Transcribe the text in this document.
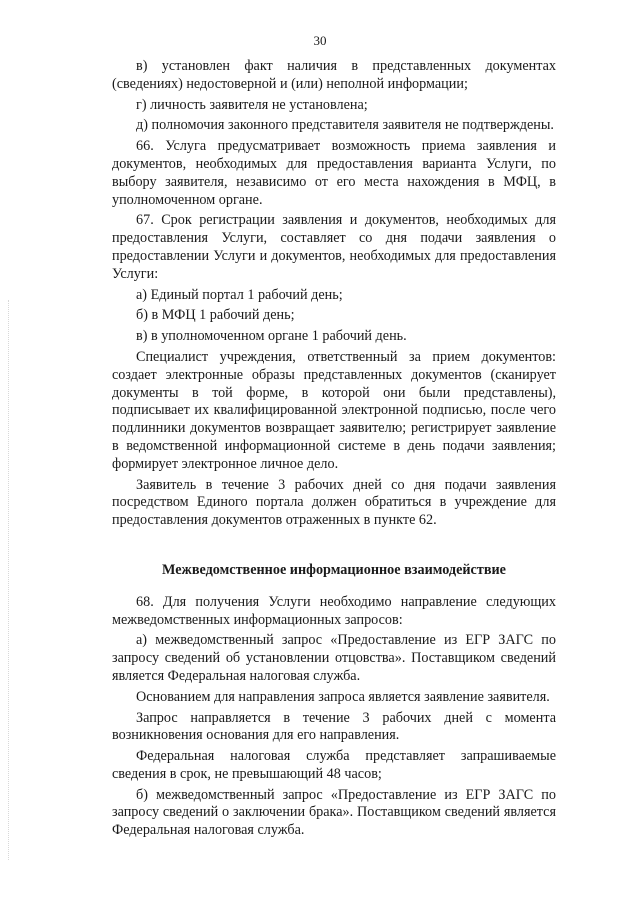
30

в) установлен факт наличия в представленных документах (сведениях) недостоверной и (или) неполной информации;

г) личность заявителя не установлена;

д) полномочия законного представителя заявителя не подтверждены.

66. Услуга предусматривает возможность приема заявления и документов, необходимых для предоставления варианта Услуги, по выбору заявителя, независимо от его места нахождения в МФЦ, в уполномоченном органе.

67. Срок регистрации заявления и документов, необходимых для предоставления Услуги, составляет со дня подачи заявления о предоставлении Услуги и документов, необходимых для предоставления Услуги:

а) Единый портал 1 рабочий день;

б) в МФЦ 1 рабочий день;

в) в уполномоченном органе 1 рабочий день.

Специалист учреждения, ответственный за прием документов: создает электронные образы представленных документов (сканирует документы в той форме, в которой они были представлены), подписывает их квалифицированной электронной подписью, после чего подлинники документов возвращает заявителю; регистрирует заявление в ведомственной информационной системе в день подачи заявления; формирует электронное личное дело.

Заявитель в течение 3 рабочих дней со дня подачи заявления посредством Единого портала должен обратиться в учреждение для предоставления документов отраженных в пункте 62.

Межведомственное информационное взаимодействие

68. Для получения Услуги необходимо направление следующих межведомственных информационных запросов:

а) межведомственный запрос «Предоставление из ЕГР ЗАГС по запросу сведений об установлении отцовства». Поставщиком сведений является Федеральная налоговая служба.

Основанием для направления запроса является заявление заявителя.

Запрос направляется в течение 3 рабочих дней с момента возникновения основания для его направления.

Федеральная налоговая служба представляет запрашиваемые сведения в срок, не превышающий 48 часов;

б) межведомственный запрос «Предоставление из ЕГР ЗАГС по запросу сведений о заключении брака». Поставщиком сведений является Федеральная налоговая служба.
